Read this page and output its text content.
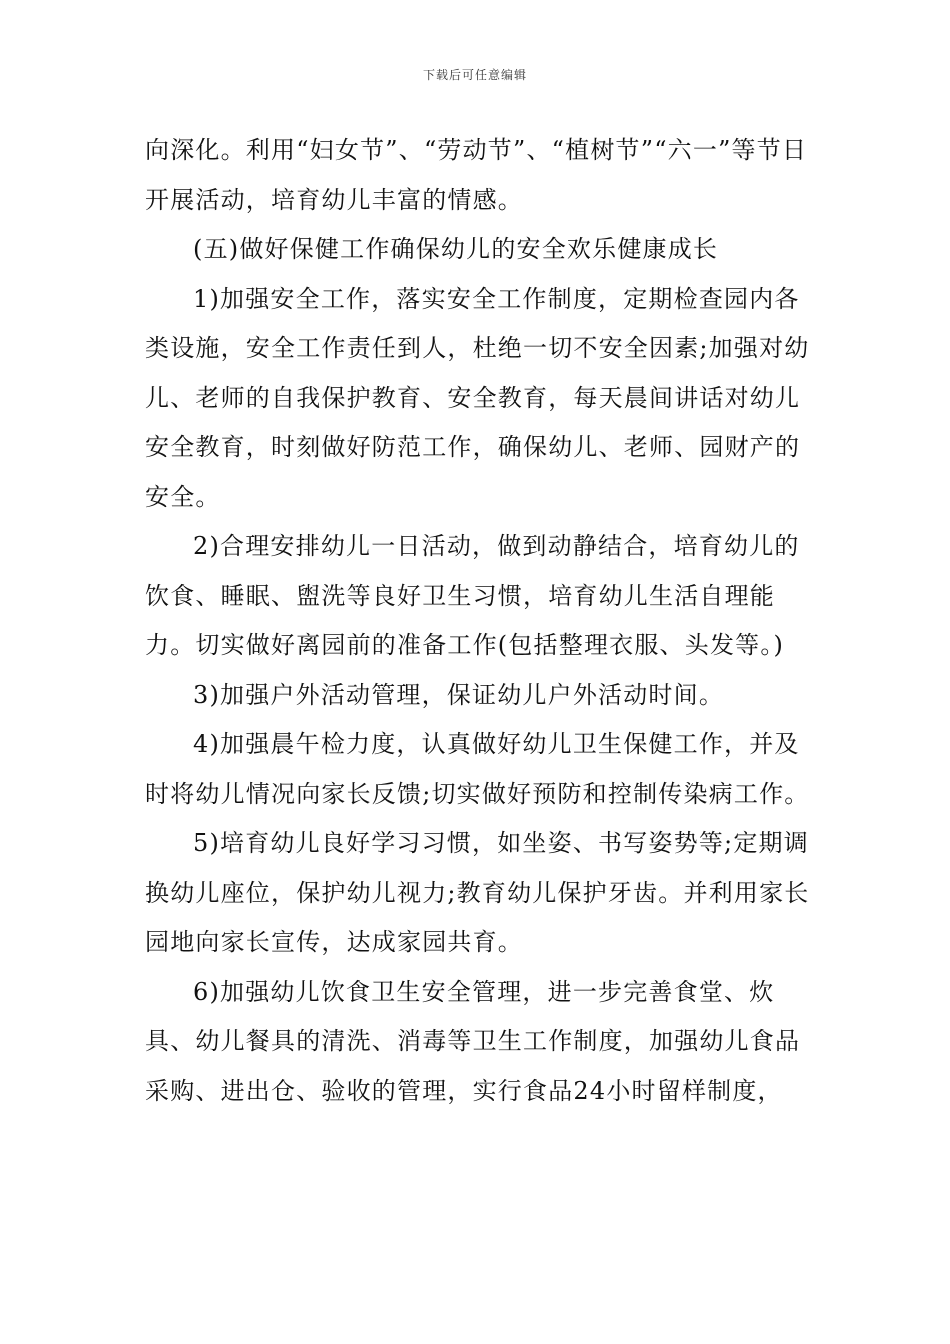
下载后可任意编辑

向深化。利用“妇女节”、“劳动节”、“植树节”“六一”等节日开展活动，培育幼儿丰富的情感。

(五)做好保健工作确保幼儿的安全欢乐健康成长

1)加强安全工作，落实安全工作制度，定期检查园内各类设施，安全工作责任到人，杜绝一切不安全因素;加强对幼儿、老师的自我保护教育、安全教育，每天晨间讲话对幼儿安全教育，时刻做好防范工作，确保幼儿、老师、园财产的安全。

2)合理安排幼儿一日活动，做到动静结合，培育幼儿的饮食、睡眠、盥洗等良好卫生习惯，培育幼儿生活自理能力。切实做好离园前的准备工作(包括整理衣服、头发等。)

3)加强户外活动管理，保证幼儿户外活动时间。

4)加强晨午检力度，认真做好幼儿卫生保健工作，并及时将幼儿情况向家长反馈;切实做好预防和控制传染病工作。

5)培育幼儿良好学习习惯，如坐姿、书写姿势等;定期调换幼儿座位，保护幼儿视力;教育幼儿保护牙齿。并利用家长园地向家长宣传，达成家园共育。

6)加强幼儿饮食卫生安全管理，进一步完善食堂、炊具、幼儿餐具的清洗、消毒等卫生工作制度，加强幼儿食品采购、进出仓、验收的管理，实行食品24小时留样制度，
